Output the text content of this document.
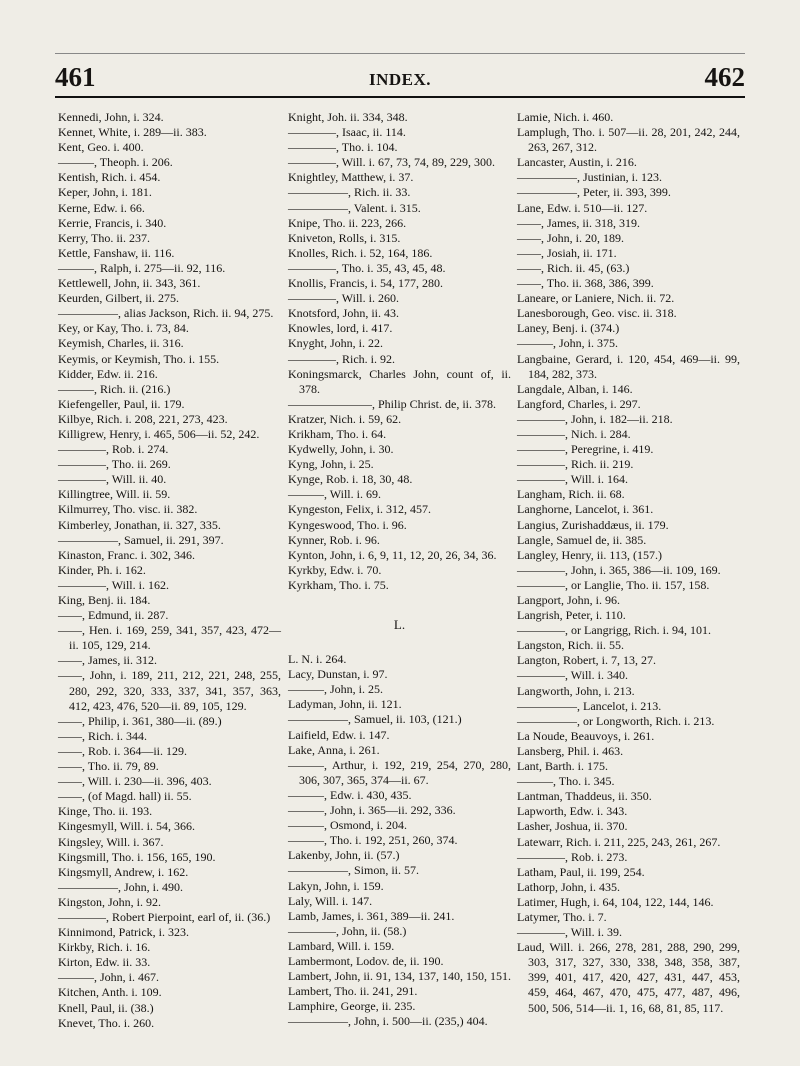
461	INDEX.	462

Kennedi, John, i. 324.

Kennet, White, i. 289—ii. 383.

Kent, Geo. i. 400.

———, Theoph. i. 206.

Kentish, Rich. i. 454.

Keper, John, i. 181.

Kerne, Edw. i. 66.

Kerrie, Francis, i. 340.

Kerry, Tho. ii. 237.

Kettle, Fanshaw, ii. 116.

———, Ralph, i. 275—ii. 92, 116.

Kettlewell, John, ii. 343, 361.

Keurden, Gilbert, ii. 275.

—————, alias Jackson, Rich. ii. 94, 275.

Key, or Kay, Tho. i. 73, 84.

Keymish, Charles, ii. 316.

Keymis, or Keymish, Tho. i. 155.

Kidder, Edw. ii. 216.

———, Rich. ii. (216.)

Kiefengeller, Paul, ii. 179.

Kilbye, Rich. i. 208, 221, 273, 423.

Killigrew, Henry, i. 465, 506—ii. 52, 242.

————, Rob. i. 274.

————, Tho. ii. 269.

————, Will. ii. 40.

Killingtree, Will. ii. 59.

Kilmurrey, Tho. visc. ii. 382.

Kimberley, Jonathan, ii. 327, 335.

—————, Samuel, ii. 291, 397.

Kinaston, Franc. i. 302, 346.

Kinder, Ph. i. 162.

————, Will. i. 162.

King, Benj. ii. 184.

——, Edmund, ii. 287.

——, Hen. i. 169, 259, 341, 357, 423, 472—ii. 105, 129, 214.

——, James, ii. 312.

——, John, i. 189, 211, 212, 221, 248, 255, 280, 292, 320, 333, 337, 341, 357, 363, 412, 423, 476, 520—ii. 89, 105, 129.

——, Philip, i. 361, 380—ii. (89.)

——, Rich. i. 344.

——, Rob. i. 364—ii. 129.

——, Tho. ii. 79, 89.

——, Will. i. 230—ii. 396, 403.

——, (of Magd. hall) ii. 55.

Kinge, Tho. ii. 193.

Kingesmyll, Will. i. 54, 366.

Kingsley, Will. i. 367.

Kingsmill, Tho. i. 156, 165, 190.

Kingsmyll, Andrew, i. 162.

—————, John, i. 490.

Kingston, John, i. 92.

————, Robert Pierpoint, earl of, ii. (36.)

Kinnimond, Patrick, i. 323.

Kirkby, Rich. i. 16.

Kirton, Edw. ii. 33.

———, John, i. 467.

Kitchen, Anth. i. 109.

Knell, Paul, ii. (38.)

Knevet, Tho. i. 260.

Knight, Joh. ii. 334, 348.

————, Isaac, ii. 114.

————, Tho. i. 104.

————, Will. i. 67, 73, 74, 89, 229, 300.

Knightley, Matthew, i. 37.

—————, Rich. ii. 33.

—————, Valent. i. 315.

Knipe, Tho. ii. 223, 266.

Kniveton, Rolls, i. 315.

Knolles, Rich. i. 52, 164, 186.

————, Tho. i. 35, 43, 45, 48.

Knollis, Francis, i. 54, 177, 280.

————, Will. i. 260.

Knotsford, John, ii. 43.

Knowles, lord, i. 417.

Knyght, John, i. 22.

————, Rich. i. 92.

Koningsmarck, Charles John, count of, ii. 378.

———————, Philip Christ. de, ii. 378.

Kratzer, Nich. i. 59, 62.

Krikham, Tho. i. 64.

Kydwelly, John, i. 30.

Kyng, John, i. 25.

Kynge, Rob. i. 18, 30, 48.

———, Will. i. 69.

Kyngeston, Felix, i. 312, 457.

Kyngeswood, Tho. i. 96.

Kynner, Rob. i. 96.

Kynton, John, i. 6, 9, 11, 12, 20, 26, 34, 36.

Kyrkby, Edw. i. 70.

Kyrkham, Tho. i. 75.

L.

L. N. i. 264.

Lacy, Dunstan, i. 97.

———, John, i. 25.

Ladyman, John, ii. 121.

—————, Samuel, ii. 103, (121.)

Laifield, Edw. i. 147.

Lake, Anna, i. 261.

———, Arthur, i. 192, 219, 254, 270, 280, 306, 307, 365, 374—ii. 67.

———, Edw. i. 430, 435.

———, John, i. 365—ii. 292, 336.

———, Osmond, i. 204.

———, Tho. i. 192, 251, 260, 374.

Lakenby, John, ii. (57.)

—————, Simon, ii. 57.

Lakyn, John, i. 159.

Laly, Will. i. 147.

Lamb, James, i. 361, 389—ii. 241.

————, John, ii. (58.)

Lambard, Will. i. 159.

Lambermont, Lodov. de, ii. 190.

Lambert, John, ii. 91, 134, 137, 140, 150, 151.

Lambert, Tho. ii. 241, 291.

Lamphire, George, ii. 235.

—————, John, i. 500—ii. (235,) 404.

Lamie, Nich. i. 460.

Lamplugh, Tho. i. 507—ii. 28, 201, 242, 244, 263, 267, 312.

Lancaster, Austin, i. 216.

—————, Justinian, i. 123.

—————, Peter, ii. 393, 399.

Lane, Edw. i. 510—ii. 127.

——, James, ii. 318, 319.

——, John, i. 20, 189.

——, Josiah, ii. 171.

——, Rich. ii. 45, (63.)

——, Tho. ii. 368, 386, 399.

Laneare, or Laniere, Nich. ii. 72.

Lanesborough, Geo. visc. ii. 318.

Laney, Benj. i. (374.)

———, John, i. 375.

Langbaine, Gerard, i. 120, 454, 469—ii. 99, 184, 282, 373.

Langdale, Alban, i. 146.

Langford, Charles, i. 297.

————, John, i. 182—ii. 218.

————, Nich. i. 284.

————, Peregrine, i. 419.

————, Rich. ii. 219.

————, Will. i. 164.

Langham, Rich. ii. 68.

Langhorne, Lancelot, i. 361.

Langius, Zurishaddæus, ii. 179.

Langle, Samuel de, ii. 385.

Langley, Henry, ii. 113, (157.)

————, John, i. 365, 386—ii. 109, 169.

————, or Langlie, Tho. ii. 157, 158.

Langport, John, i. 96.

Langrish, Peter, i. 110.

————, or Langrigg, Rich. i. 94, 101.

Langston, Rich. ii. 55.

Langton, Robert, i. 7, 13, 27.

————, Will. i. 340.

Langworth, John, i. 213.

—————, Lancelot, i. 213.

—————, or Longworth, Rich. i. 213.

La Noude, Beauvoys, i. 261.

Lansberg, Phil. i. 463.

Lant, Barth. i. 175.

———, Tho. i. 345.

Lantman, Thaddeus, ii. 350.

Lapworth, Edw. i. 343.

Lasher, Joshua, ii. 370.

Latewarr, Rich. i. 211, 225, 243, 261, 267.

————, Rob. i. 273.

Latham, Paul, ii. 199, 254.

Lathorp, John, i. 435.

Latimer, Hugh, i. 64, 104, 122, 144, 146.

Latymer, Tho. i. 7.

————, Will. i. 39.

Laud, Will. i. 266, 278, 281, 288, 290, 299, 303, 317, 327, 330, 338, 348, 358, 387, 399, 401, 417, 420, 427, 431, 447, 453, 459, 464, 467, 470, 475, 477, 487, 496, 500, 506, 514—ii. 1, 16, 68, 81, 85, 117.
